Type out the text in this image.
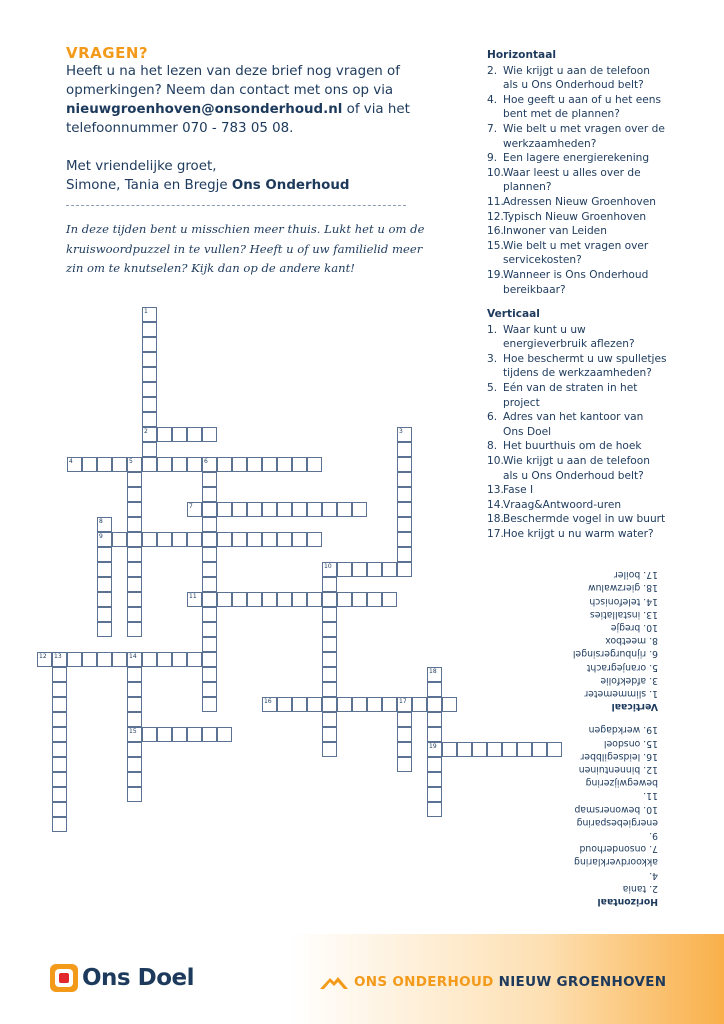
VRAGEN?
Heeft u na het lezen van deze brief nog vragen of opmerkingen? Neem dan contact met ons op via nieuwgroenhoven@onsonderhoud.nl of via het telefoonnummer 070 - 783 05 08.
Met vriendelijke groet,
Simone, Tania en Bregje Ons Onderhoud
In deze tijden bent u misschien meer thuis. Lukt het u om de kruiswoordpuzzel in te vullen? Heeft u of uw familielid meer zin om te knutselen? Kijk dan op de andere kant!
Horizontaal
2. Wie krijgt u aan de telefoon als u Ons Onderhoud belt?
4. Hoe geeft u aan of u het eens bent met de plannen?
7. Wie belt u met vragen over de werkzaamheden?
9. Een lagere energierekening
10. Waar leest u alles over de plannen?
11. Adressen Nieuw Groenhoven
12. Typisch Nieuw Groenhoven
16. Inwoner van Leiden
15. Wie belt u met vragen over servicekosten?
19. Wanneer is Ons Onderhoud bereikbaar?
Verticaal
1. Waar kunt u uw energieverbruik aflezen?
3. Hoe beschermt u uw spulletjes tijdens de werkzaamheden?
5. Eén van de straten in het project
6. Adres van het kantoor van Ons Doel
8. Het buurthuis om de hoek
10. Wie krijgt u aan de telefoon als u Ons Onderhoud belt?
13. Fase I
14. Vraag&Antwoord-uren
18. Beschermde vogel in uw buurt
17. Hoe krijgt u nu warm water?
1
2	3
4	5	6
7
8
9
10
11
12 13	14
15
18
19
16	17
Horizontaal
2. tania
4. akkoordverklaring
7. onsonderhoud
9. energiebesparing
10. bewonersmap
11. bewegwijzering
12. binnentuinen
16. leidsegilbber
15. onsdoel
19. werkdagen
Verticaal
1. slimmemeter
3. afdekfolie
5. oranjegracht
6. rijnburgersingel
8. meetbox
10. bregje
13. installaties
14. telefonisch
18. gierzwaluw
17. boiler
Ons Doel	ONS ONDERHOUD NIEUW GROENHOVEN
